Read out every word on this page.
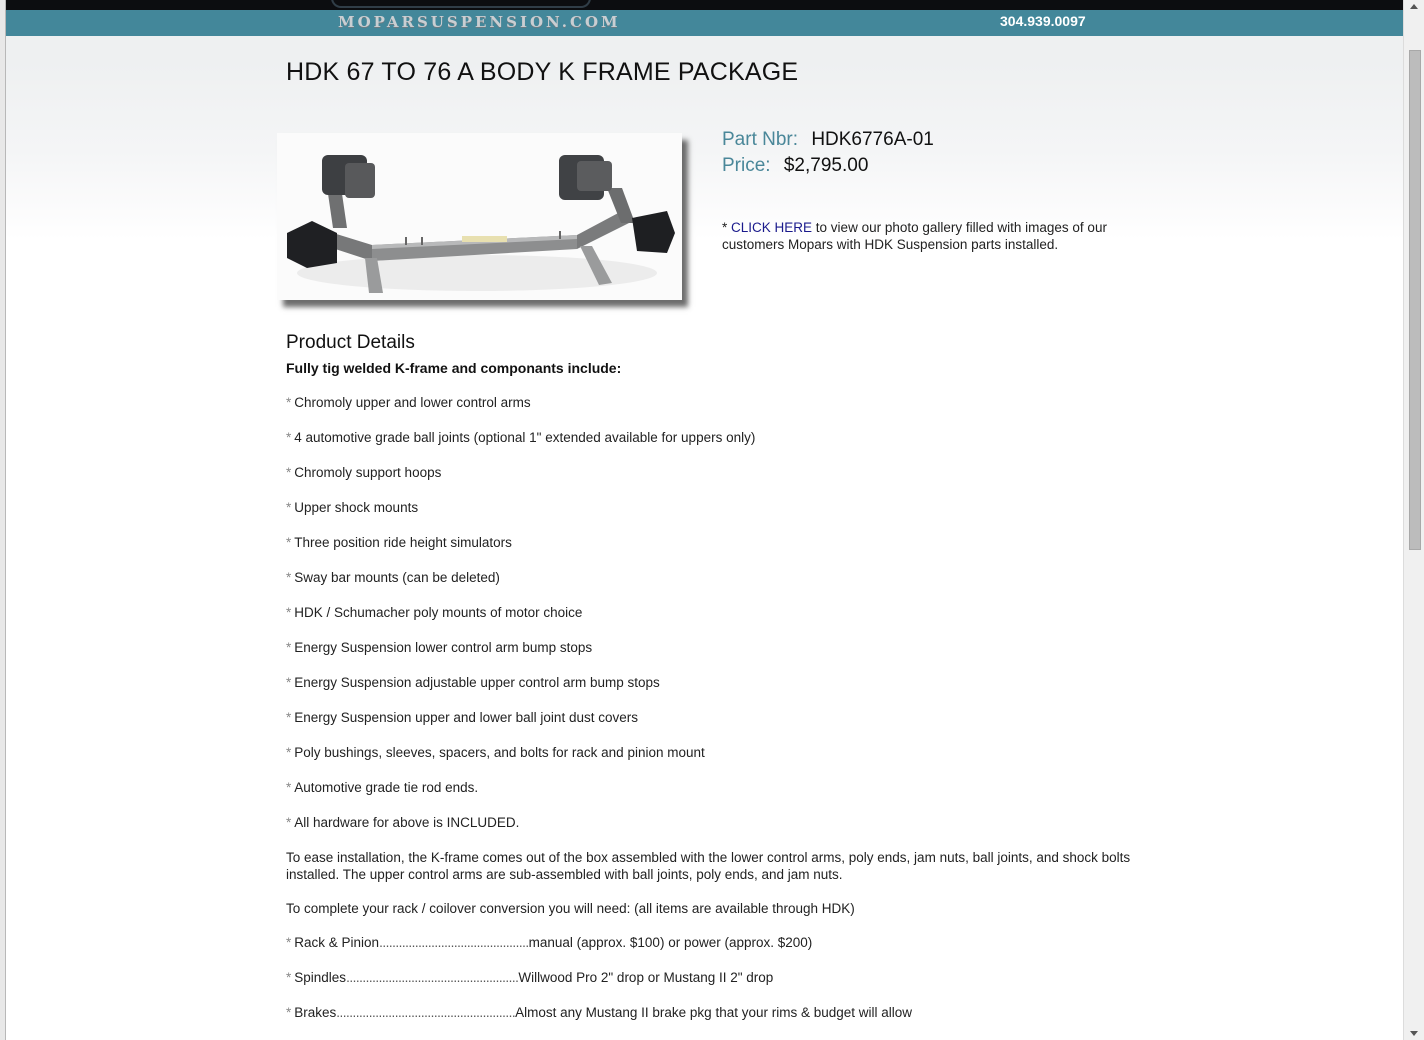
MOPARSUSPENSION.COM	304.939.0097
HDK 67 TO 76 A BODY K FRAME PACKAGE
Part Nbr: HDK6776A-01
Price: $2,795.00
* CLICK HERE to view our photo gallery filled with images of our customers Mopars with HDK Suspension parts installed.
Product Details
Fully tig welded K-frame and componants include:
* Chromoly upper and lower control arms
* 4 automotive grade ball joints (optional 1" extended available for uppers only)
* Chromoly support hoops
* Upper shock mounts
* Three position ride height simulators
* Sway bar mounts (can be deleted)
* HDK / Schumacher poly mounts of motor choice
* Energy Suspension lower control arm bump stops
* Energy Suspension adjustable upper control arm bump stops
* Energy Suspension upper and lower ball joint dust covers
* Poly bushings, sleeves, spacers, and bolts for rack and pinion mount
* Automotive grade tie rod ends.
* All hardware for above is INCLUDED.
To ease installation, the K-frame comes out of the box assembled with the lower control arms, poly ends, jam nuts, ball joints, and shock bolts installed. The upper control arms are sub-assembled with ball joints, poly ends, and jam nuts.
To complete your rack / coilover conversion you will need: (all items are available through HDK)
* Rack & Pinion..............................................manual (approx. $100) or power (approx. $200)
* Spindles.....................................................Willwood Pro 2" drop or Mustang II 2" drop
* Brakes.......................................................Almost any Mustang II brake pkg that your rims & budget will allow
